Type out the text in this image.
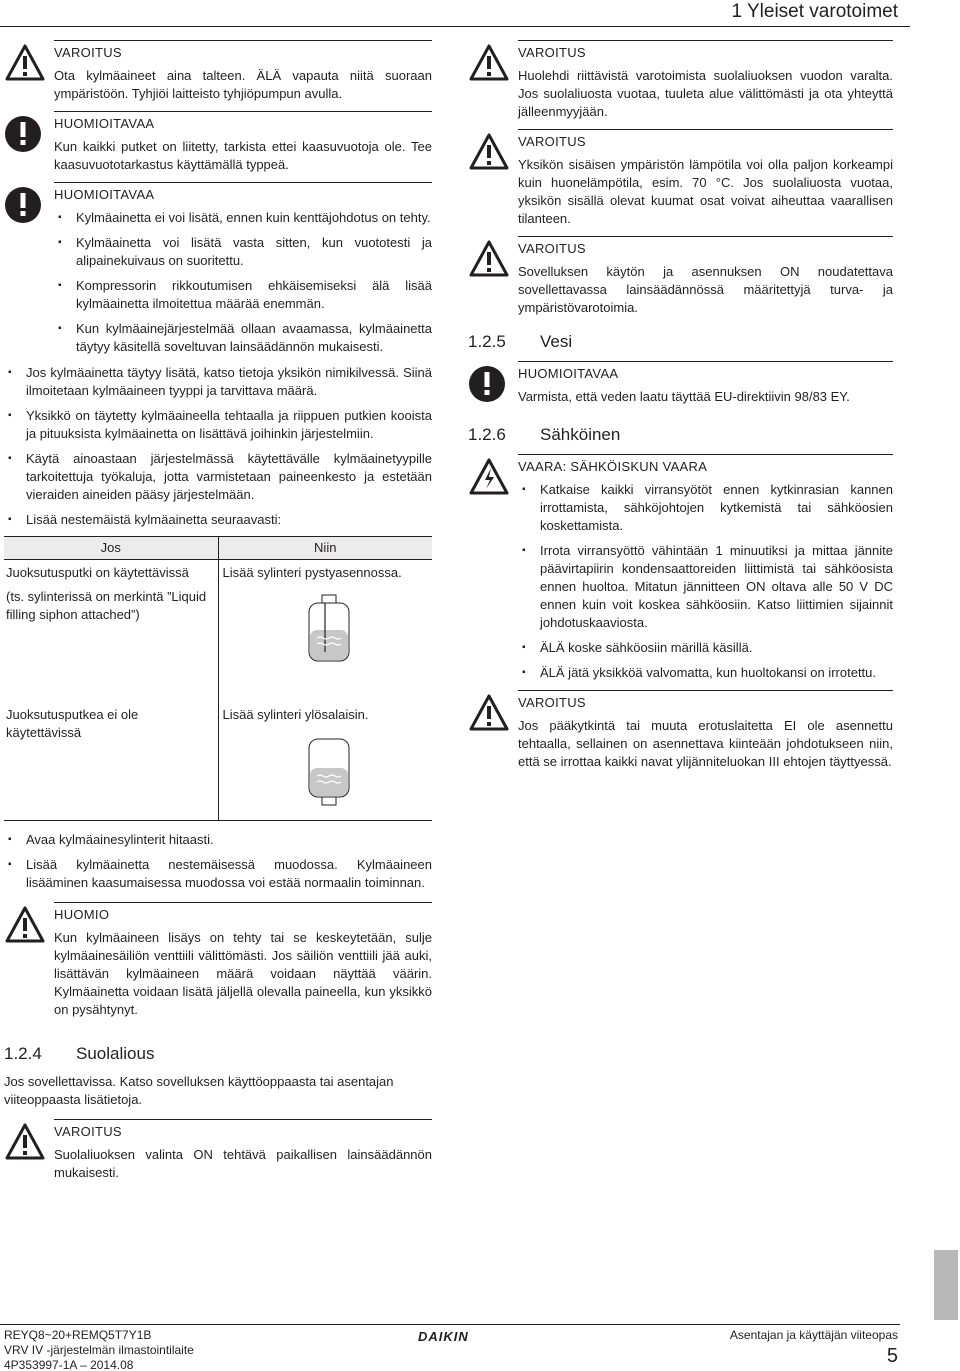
1 Yleiset varotoimet
VAROITUS

Ota kylmäaineet aina talteen. ÄLÄ vapauta niitä suoraan ympäristöön. Tyhjiöi laitteisto tyhjiöpumpun avulla.

HUOMIOITAVAA

Kun kaikki putket on liitetty, tarkista ettei kaasuvuotoja ole. Tee kaasuvuototarkastus käyttämällä typpeä.

HUOMIOITAVAA
▪ Kylmäainetta ei voi lisätä, ennen kuin kenttäjohdotus on tehty.
▪ Kylmäainetta voi lisätä vasta sitten, kun vuototesti ja alipainekuivaus on suoritettu.
▪ Kompressorin rikkoutumisen ehkäisemiseksi älä lisää kylmäainetta ilmoitettua määrää enemmän.
▪ Kun kylmäainejärjestelmää ollaan avaamassa, kylmäainetta täytyy käsitellä soveltuvan lainsäädännön mukaisesti.
▪ Jos kylmäainetta täytyy lisätä, katso tietoja yksikön nimikilvessä. Siinä ilmoitetaan kylmäaineen tyyppi ja tarvittava määrä.
▪ Yksikkö on täytetty kylmäaineella tehtaalla ja riippuen putkien kooista ja pituuksista kylmäainetta on lisättävä joihinkin järjestelmiin.
▪ Käytä ainoastaan järjestelmässä käytettävälle kylmäainetyypille tarkoitettuja työkaluja, jotta varmistetaan paineenkesto ja estetään vieraiden aineiden pääsy järjestelmään.
▪ Lisää nestemäistä kylmäainetta seuraavasti:
Jos	Niin

Juoksutusputki on käytettävissä
(ts. sylinterissä on merkintä ”Liquid filling siphon attached”)	Lisää sylinteri pystyasennossa.

Juoksutusputkea ei ole käytettävissä	Lisää sylinteri ylösalaisin.
▪ Avaa kylmäainesylinterit hitaasti.
▪ Lisää kylmäainetta nestemäisessä muodossa. Kylmäaineen lisääminen kaasumaisessa muodossa voi estää normaalin toiminnan.
HUOMIO

Kun kylmäaineen lisäys on tehty tai se keskeytetään, sulje kylmäainesäiliön venttiili välittömästi. Jos säiliön venttiili jää auki, lisättävän kylmäaineen määrä voidaan näyttää väärin. Kylmäainetta voidaan lisätä jäljellä olevalla paineella, kun yksikkö on pysähtynyt.

1.2.4	Suolalious

Jos sovellettavissa. Katso sovelluksen käyttöoppaasta tai asentajan viiteoppaasta lisätietoja.

VAROITUS

Suolaliuoksen valinta ON tehtävä paikallisen lainsäädännön mukaisesti.

VAROITUS

Huolehdi riittävistä varotoimista suolaliuoksen vuodon varalta. Jos suolaliuosta vuotaa, tuuleta alue välittömästi ja ota yhteyttä jälleenmyyjään.

VAROITUS

Yksikön sisäisen ympäristön lämpötila voi olla paljon korkeampi kuin huonelämpötila, esim. 70 °C. Jos suolaliuosta vuotaa, yksikön sisällä olevat kuumat osat voivat aiheuttaa vaarallisen tilanteen.

VAROITUS

Sovelluksen käytön ja asennuksen ON noudatettava sovellettavassa lainsäädännössä määritettyjä turva- ja ympäristövarotoimia.

1.2.5	Vesi
HUOMIOITAVAA

Varmista, että veden laatu täyttää EU-direktiivin 98/83 EY.

1.2.6	Sähköinen
VAARA: SÄHKÖISKUN VAARA
▪ Katkaise kaikki virransyötöt ennen kytkinrasian kannen irrottamista, sähköjohtojen kytkemistä tai sähköosien koskettamista.
▪ Irrota virransyöttö vähintään 1 minuutiksi ja mittaa jännite päävirtapiirin kondensaattoreiden liittimistä tai sähköosista ennen huoltoa. Mitatun jännitteen ON oltava alle 50 V DC ennen kuin voit koskea sähköosiin. Katso liittimien sijainnit johdotuskaaviosta.
▪ ÄLÄ koske sähköosiin märillä käsillä.
▪ ÄLÄ jätä yksikköä valvomatta, kun huoltokansi on irrotettu.
VAROITUS

Jos pääkytkintä tai muuta erotuslaitetta EI ole asennettu tehtaalla, sellainen on asennettava kiinteään johdotukseen niin, että se irrottaa kaikki navat ylijänniteluokan III ehtojen täyttyessä.

REYQ8~20+REMQ5T7Y1B
VRV IV -järjestelmän ilmastointilaite
4P353997-1A – 2014.08
DAIKIN	Asentajan ja käyttäjän viiteopas
5
